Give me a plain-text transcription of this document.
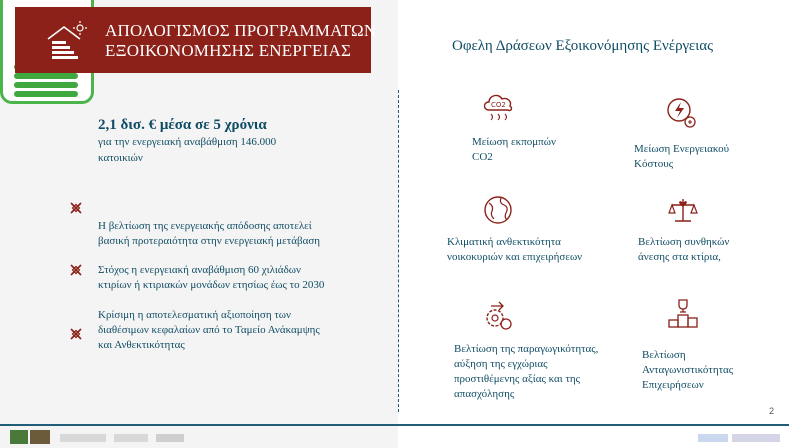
ΑΠΟΛΟΓΙΣΜΟΣ ΠΡΟΓΡΑΜΜΑΤΩΝ
ΕΞΟΙΚΟΝΟΜΗΣΗΣ ΕΝΕΡΓΕΙΑΣ
2,1 δισ. € μέσα σε 5 χρόνια
για την ενεργειακή αναβάθμιση 146.000 κατοικιών
Η βελτίωση της ενεργειακής απόδοσης αποτελεί
βασική προτεραιότητα στην ενεργειακή μετάβαση
Στόχος η ενεργειακή αναβάθμιση 60 χιλιάδων
κτιρίων ή κτιριακών μονάδων ετησίως έως το 2030
Κρίσιμη η αποτελεσματική αξιοποίηση των
διαθέσιμων κεφαλαίων από το Ταμείο Ανάκαμψης
και Ανθεκτικότητας
Οφελη Δράσεων Εξοικονόμησης Ενέργειας
CO2
Μείωση εκπομπών
CO2
Μείωση Ενεργειακού
Κόστους
Κλιματική ανθεκτικότητα
νοικοκυριών και επιχειρήσεων
Βελτίωση συνθηκών
άνεσης στα κτίρια,
Βελτίωση της παραγωγικότητας,
αύξηση της εγχώριας
προστιθέμενης αξίας και της
απασχόλησης
Βελτίωση
Ανταγωνιστικότητας
Επιχειρήσεων
2
